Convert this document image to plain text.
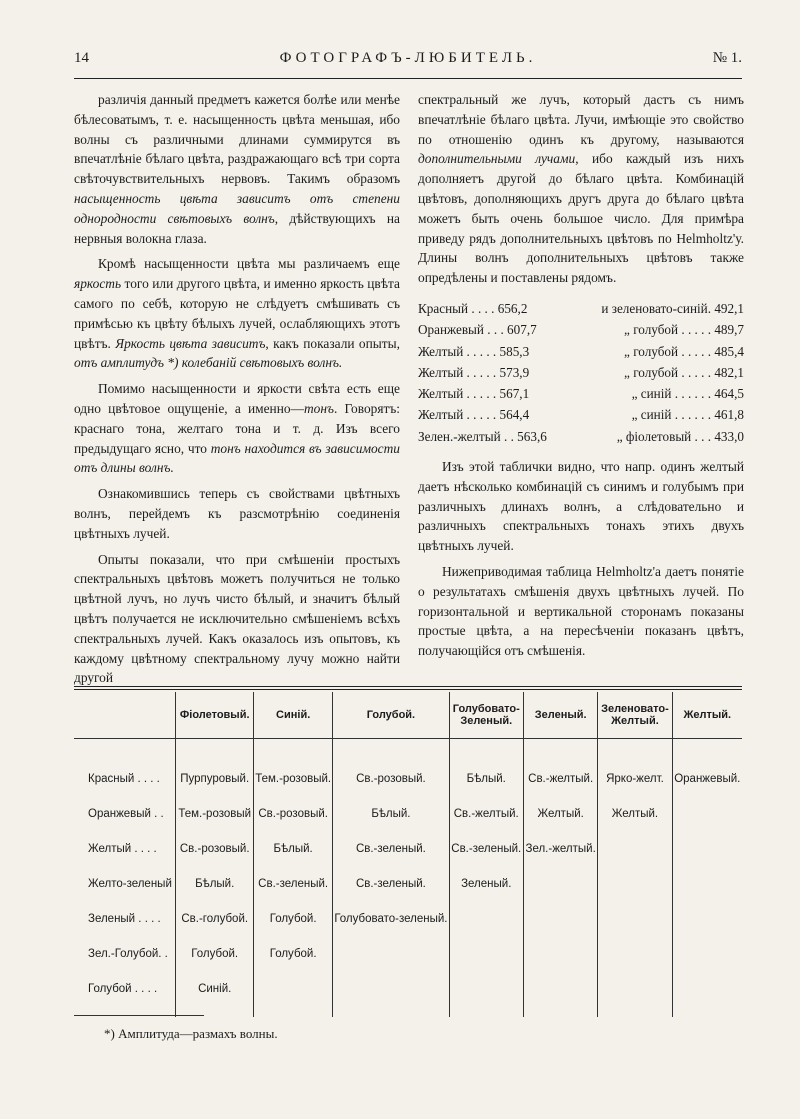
14	ФОТОГРАФЪ-ЛЮБИТЕЛЬ.	№ 1.

различія данный предметъ кажется болѣе или менѣе бѣлесоватымъ, т. е. насыщенность цвѣта меньшая, ибо волны съ различными длинами суммирутся въ впечатлѣніе бѣлаго цвѣта, раздражающаго всѣ три сорта свѣточувствительныхъ нервовъ. Такимъ образомъ насыщенность цвѣта зависитъ отъ степени однородности свѣтовыхъ волнъ, дѣйствующихъ на нервныя волокна глаза.

Кромѣ насыщенности цвѣта мы различаемъ еще яркость того или другого цвѣта, и именно яркость цвѣта самого по себѣ, которую не слѣдуетъ смѣшивать съ примѣсью къ цвѣту бѣлыхъ лучей, ослабляющихъ этотъ цвѣтъ. Яркость цвѣта зависитъ, какъ показали опыты, отъ амплитудъ *) колебаній свѣтовыхъ волнъ.

Помимо насыщенности и яркости свѣта есть еще одно цвѣтовое ощущеніе, а именно—тонъ. Говорятъ: краснаго тона, желтаго тона и т. д. Изъ всего предыдущаго ясно, что тонъ находится въ зависимости отъ длины волнъ.

Ознакомившись теперь съ свойствами цвѣтныхъ волнъ, перейдемъ къ разсмотрѣнію соединенія цвѣтныхъ лучей.

Опыты показали, что при смѣшеніи простыхъ спектральныхъ цвѣтовъ можетъ получиться не только цвѣтной лучъ, но лучъ чисто бѣлый, и значитъ бѣлый цвѣтъ получается не исключительно смѣшеніемъ всѣхъ спектральныхъ лучей. Какъ оказалось изъ опытовъ, къ каждому цвѣтному спектральному лучу можно найти другой

спектральный же лучъ, который дастъ съ нимъ впечатлѣніе бѣлаго цвѣта. Лучи, имѣющіе это свойство по отношенію одинъ къ другому, называются дополнительными лучами, ибо каждый изъ нихъ дополняетъ другой до бѣлаго цвѣта. Комбинацій цвѣтовъ, дополняющихъ другъ друга до бѣлаго цвѣта можетъ быть очень большое число. Для примѣра приведу рядъ дополнительныхъ цвѣтовъ по Helmholtz'у. Длины волнъ дополнительныхъ цвѣтовъ также опредѣлены и поставлены рядомъ.

Красный . . . . 656,2	и зеленовато-синій. 492,1
Оранжевый . . . 607,7	„ голубой . . . . . 489,7
Желтый . . . . . 585,3	„ голубой . . . . . 485,4
Желтый . . . . . 573,9	„ голубой . . . . . 482,1
Желтый . . . . . 567,1	„ синій . . . . . . 464,5
Желтый . . . . . 564,4	„ синій . . . . . . 461,8
Зелен.-желтый . . 563,6	„ фіолетовый . . . 433,0

Изъ этой таблички видно, что напр. одинъ желтый даетъ нѣсколько комбинацій съ синимъ и голубымъ при различныхъ длинахъ волнъ, а слѣдовательно и различныхъ спектральныхъ тонахъ этихъ двухъ цвѣтныхъ лучей.

Нижеприводимая таблица Helmholtz'а даетъ понятіе о результатахъ смѣшенія двухъ цвѣтныхъ лучей. По горизонтальной и вертикальной сторонамъ показаны простые цвѣта, а на пересѣченіи показанъ цвѣтъ, получающійся отъ смѣшенія.

	Фіолетовый.	Синій.	Голубой.	Голубовато-Зеленый.	Зеленый.	Зеленовато-Желтый.	Желтый.

Красный . . . .	Пурпуровый.	Тем.-розовый.	Св.-розовый.	Бѣлый.	Св.-желтый.	Ярко-желт.	Оранжевый.
Оранжевый . .	Тем.-розовый	Св.-розовый.	Бѣлый.	Св.-желтый.	Желтый.	Желтый.	
Желтый . . . .	Св.-розовый.	Бѣлый.	Св.-зеленый.	Св.-зеленый.	Зел.-желтый.		
Желто-зеленый	Бѣлый.	Св.-зеленый.	Св.-зеленый.	Зеленый.			
Зеленый . . . .	Св.-голубой.	Голубой.	Голубовато-зеленый.				
Зел.-Голубой. .	Голубой.	Голубой.					
Голубой . . . .	Синій.						
*) Амплитуда—размахъ волны.
